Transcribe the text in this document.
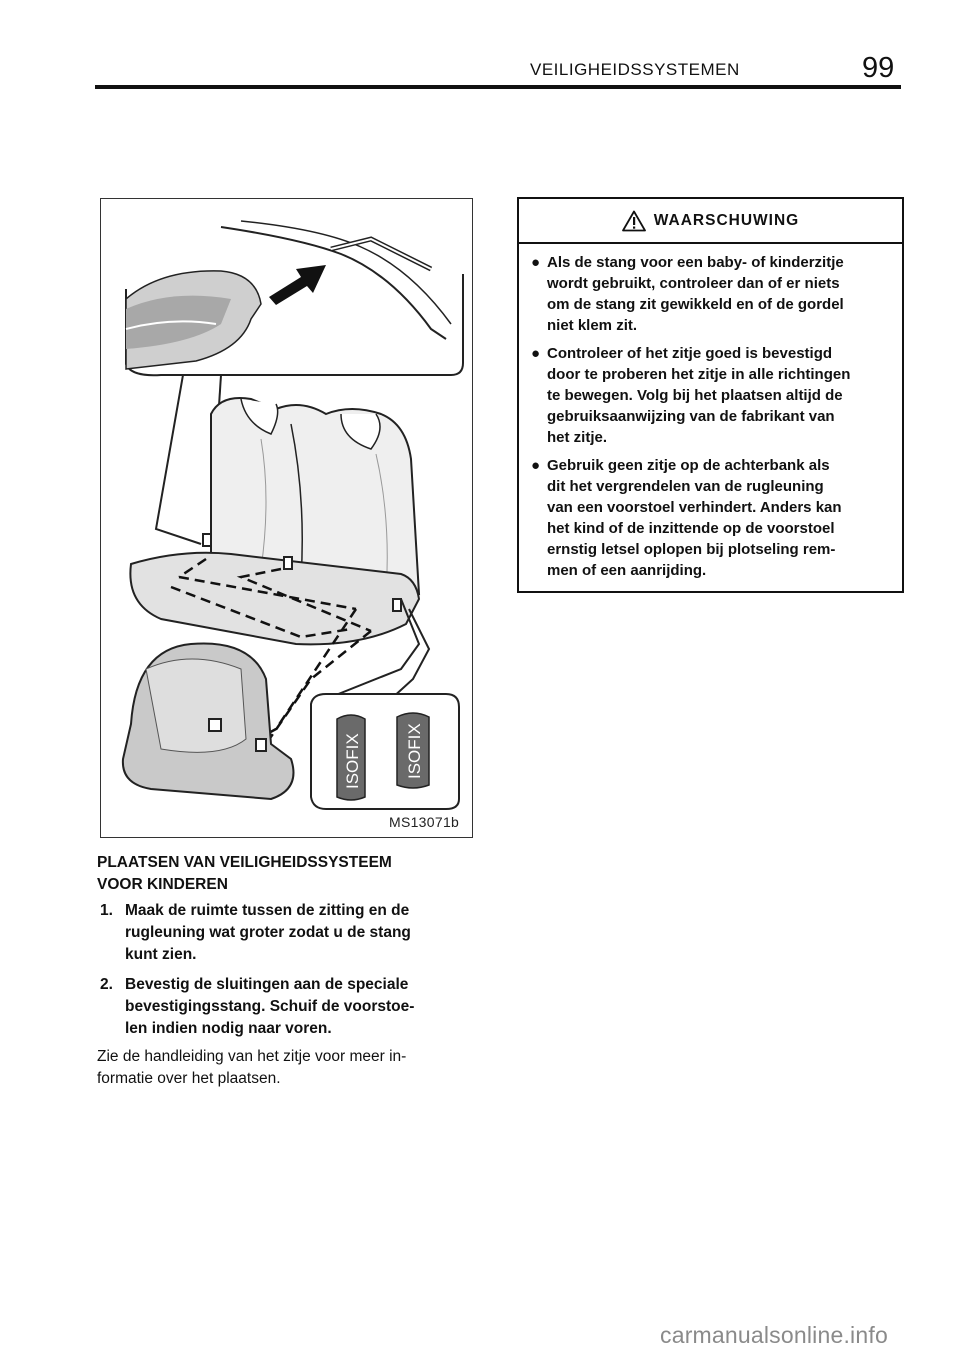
VEILIGHEIDSSYSTEMEN	99
ISOFIX	ISOFIX
MS13071b
PLAATSEN VAN VEILIGHEIDSSYSTEEM
VOOR KINDEREN
1. Maak de ruimte tussen de zitting en de
rugleuning wat groter zodat u de stang
kunt zien.
2. Bevestig de sluitingen aan de speciale
bevestigingsstang. Schuif de voorstoe-
len indien nodig naar voren.
Zie de handleiding van het zitje voor meer in-
formatie over het plaatsen.
WAARSCHUWING
● Als de stang voor een baby- of kinderzitje
wordt gebruikt, controleer dan of er niets
om de stang zit gewikkeld en of de gordel
niet klem zit.
● Controleer of het zitje goed is bevestigd
door te proberen het zitje in alle richtingen
te bewegen. Volg bij het plaatsen altijd de
gebruiksaanwijzing van de fabrikant van
het zitje.
● Gebruik geen zitje op de achterbank als
dit het vergrendelen van de rugleuning
van een voorstoel verhindert. Anders kan
het kind of de inzittende op de voorstoel
ernstig letsel oplopen bij plotseling rem-
men of een aanrijding.
carmanualsonline.info
